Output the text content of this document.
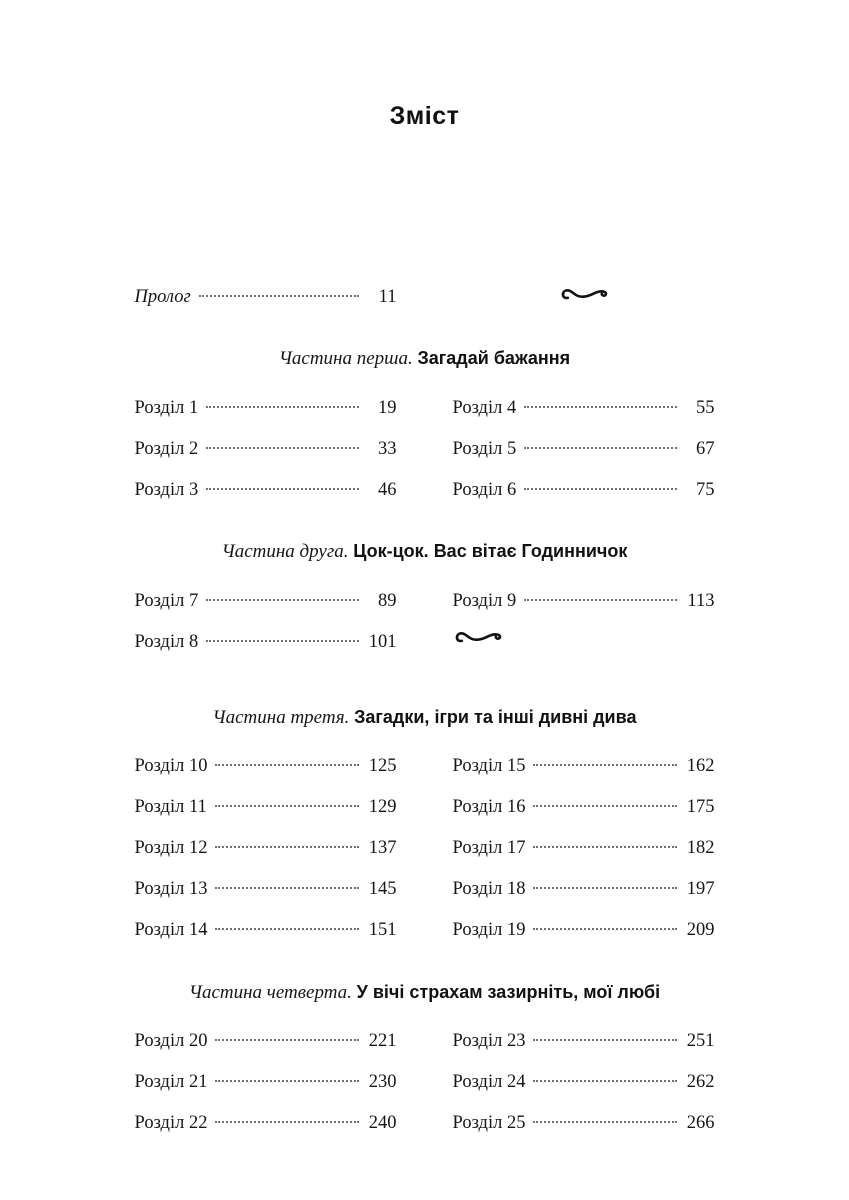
Зміст
Пролог	11
Частина перша. Загадай бажання
Розділ 1	19
Розділ 2	33
Розділ 3	46
Розділ 4	55
Розділ 5	67
Розділ 6	75
Частина друга. Цок-цок. Вас вітає Годинничок
Розділ 7	89
Розділ 8	101
Розділ 9	113
Частина третя. Загадки, ігри та інші дивні дива
Розділ 10	125
Розділ 11	129
Розділ 12	137
Розділ 13	145
Розділ 14	151
Розділ 15	162
Розділ 16	175
Розділ 17	182
Розділ 18	197
Розділ 19	209
Частина четверта. У вічі страхам зазирніть, мої любі
Розділ 20	221
Розділ 21	230
Розділ 22	240
Розділ 23	251
Розділ 24	262
Розділ 25	266
